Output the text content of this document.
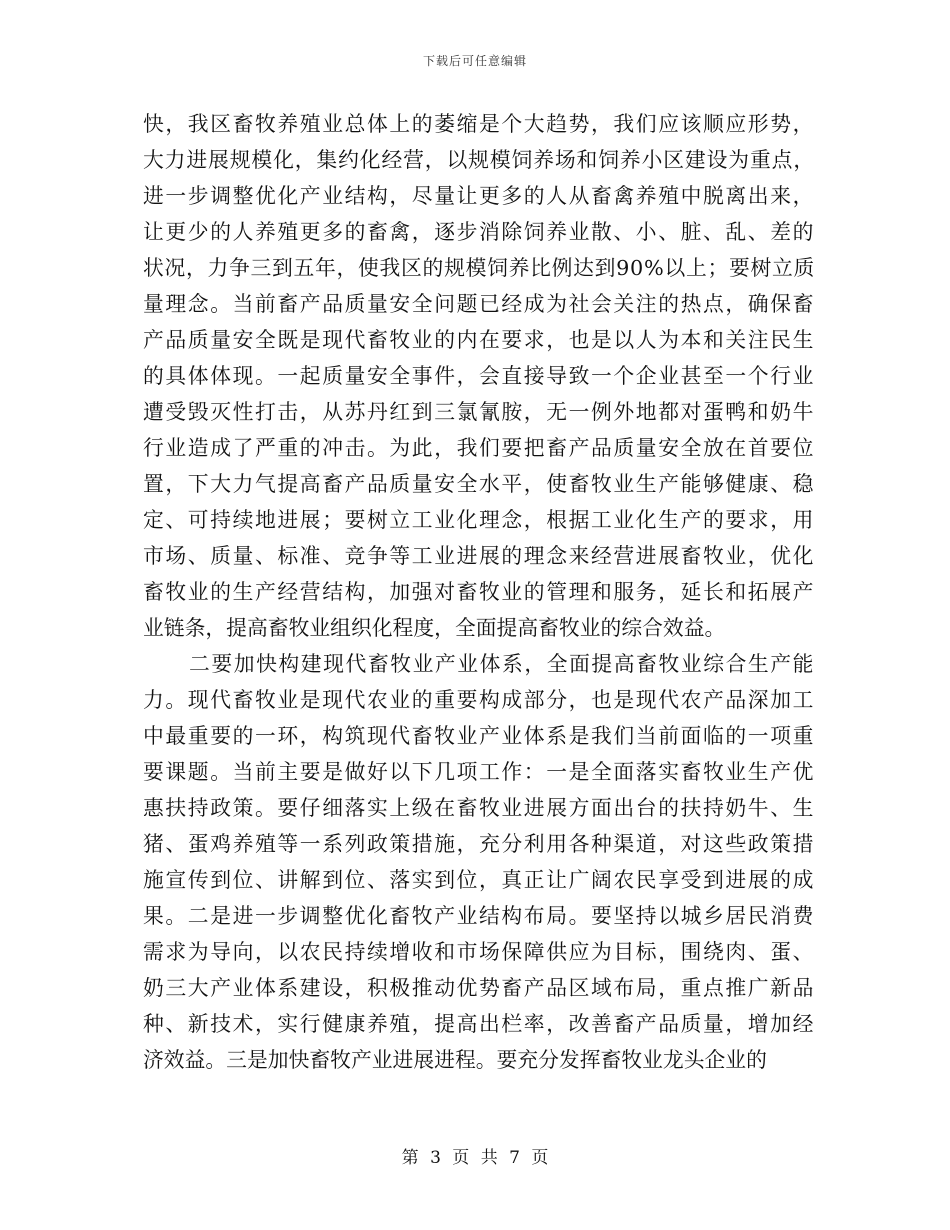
下载后可任意编辑
快，我区畜牧养殖业总体上的萎缩是个大趋势，我们应该顺应形势，
大力进展规模化，集约化经营，以规模饲养场和饲养小区建设为重点，
进一步调整优化产业结构，尽量让更多的人从畜禽养殖中脱离出来，
让更少的人养殖更多的畜禽，逐步消除饲养业散、小、脏、乱、差的
状况，力争三到五年，使我区的规模饲养比例达到90%以上；要树立质
量理念。当前畜产品质量安全问题已经成为社会关注的热点，确保畜
产品质量安全既是现代畜牧业的内在要求，也是以人为本和关注民生
的具体体现。一起质量安全事件，会直接导致一个企业甚至一个行业
遭受毁灭性打击，从苏丹红到三氯氰胺，无一例外地都对蛋鸭和奶牛
行业造成了严重的冲击。为此，我们要把畜产品质量安全放在首要位
置，下大力气提高畜产品质量安全水平，使畜牧业生产能够健康、稳
定、可持续地进展；要树立工业化理念，根据工业化生产的要求，用
市场、质量、标准、竞争等工业进展的理念来经营进展畜牧业，优化
畜牧业的生产经营结构，加强对畜牧业的管理和服务，延长和拓展产
业链条，提高畜牧业组织化程度，全面提高畜牧业的综合效益。
二要加快构建现代畜牧业产业体系，全面提高畜牧业综合生产能
力。现代畜牧业是现代农业的重要构成部分，也是现代农产品深加工
中最重要的一环，构筑现代畜牧业产业体系是我们当前面临的一项重
要课题。当前主要是做好以下几项工作：一是全面落实畜牧业生产优
惠扶持政策。要仔细落实上级在畜牧业进展方面出台的扶持奶牛、生
猪、蛋鸡养殖等一系列政策措施，充分利用各种渠道，对这些政策措
施宣传到位、讲解到位、落实到位，真正让广阔农民享受到进展的成
果。二是进一步调整优化畜牧产业结构布局。要坚持以城乡居民消费
需求为导向，以农民持续增收和市场保障供应为目标，围绕肉、蛋、
奶三大产业体系建设，积极推动优势畜产品区域布局，重点推广新品
种、新技术，实行健康养殖，提高出栏率，改善畜产品质量，增加经
济效益。三是加快畜牧产业进展进程。要充分发挥畜牧业龙头企业的
第 3 页 共 7 页
